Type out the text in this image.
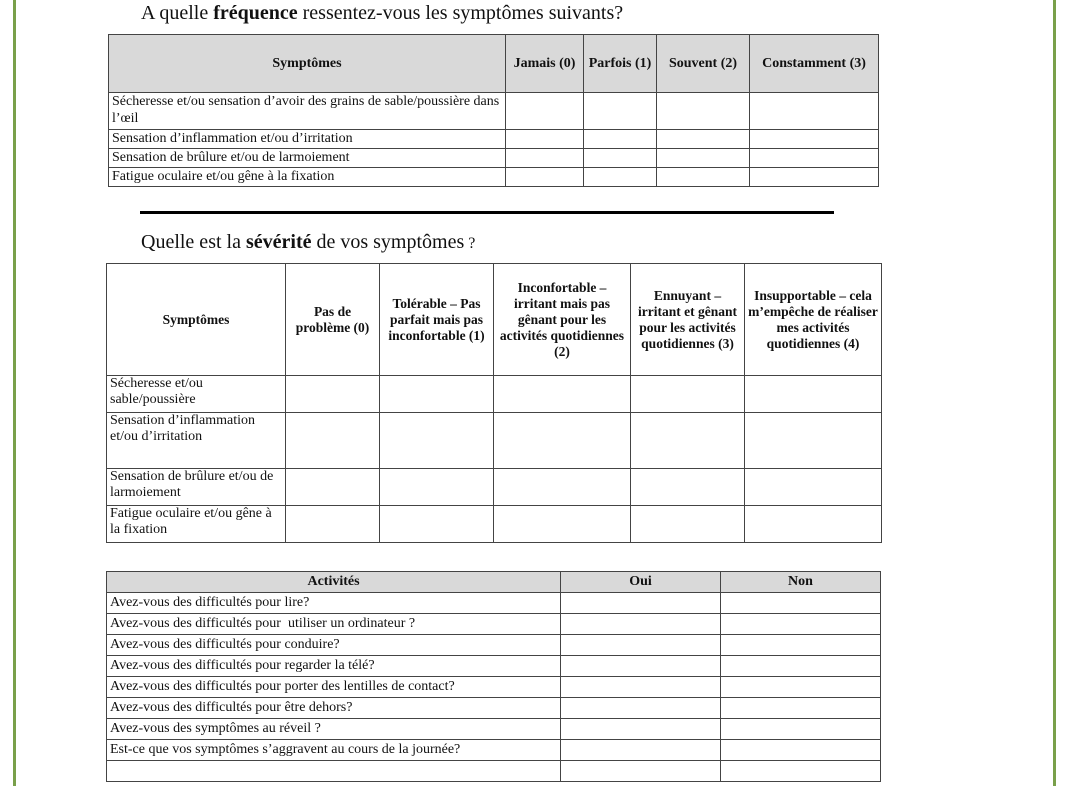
A quelle fréquence ressentez-vous les symptômes suivants?
Symptômes	Jamais (0)	Parfois (1)	Souvent (2)	Constamment (3)
Sécheresse et/ou sensation d’avoir des grains de sable/poussière dans l’œil				
Sensation d’inflammation et/ou d’irritation				
Sensation de brûlure et/ou de larmoiement				
Fatigue oculaire et/ou gêne à la fixation				
Quelle est la sévérité de vos symptômes ?
Symptômes	Pas de problème (0)	Tolérable – Pas parfait mais pas inconfortable (1)	Inconfortable – irritant mais pas gênant pour les activités quotidiennes (2)	Ennuyant – irritant et gênant pour les activités quotidiennes (3)	Insupportable – cela m’empêche de réaliser mes activités quotidiennes (4)
Sécheresse et/ou sable/poussière					
Sensation d’inflammation et/ou d’irritation					
Sensation de brûlure et/ou de larmoiement					
Fatigue oculaire et/ou gêne à la fixation					
Activités	Oui	Non
Avez-vous des difficultés pour lire?		
Avez-vous des difficultés pour  utiliser un ordinateur ?		
Avez-vous des difficultés pour conduire?		
Avez-vous des difficultés pour regarder la télé?		
Avez-vous des difficultés pour porter des lentilles de contact?		
Avez-vous des difficultés pour être dehors?		
Avez-vous des symptômes au réveil ?		
Est-ce que vos symptômes s’aggravent au cours de la journée?		
